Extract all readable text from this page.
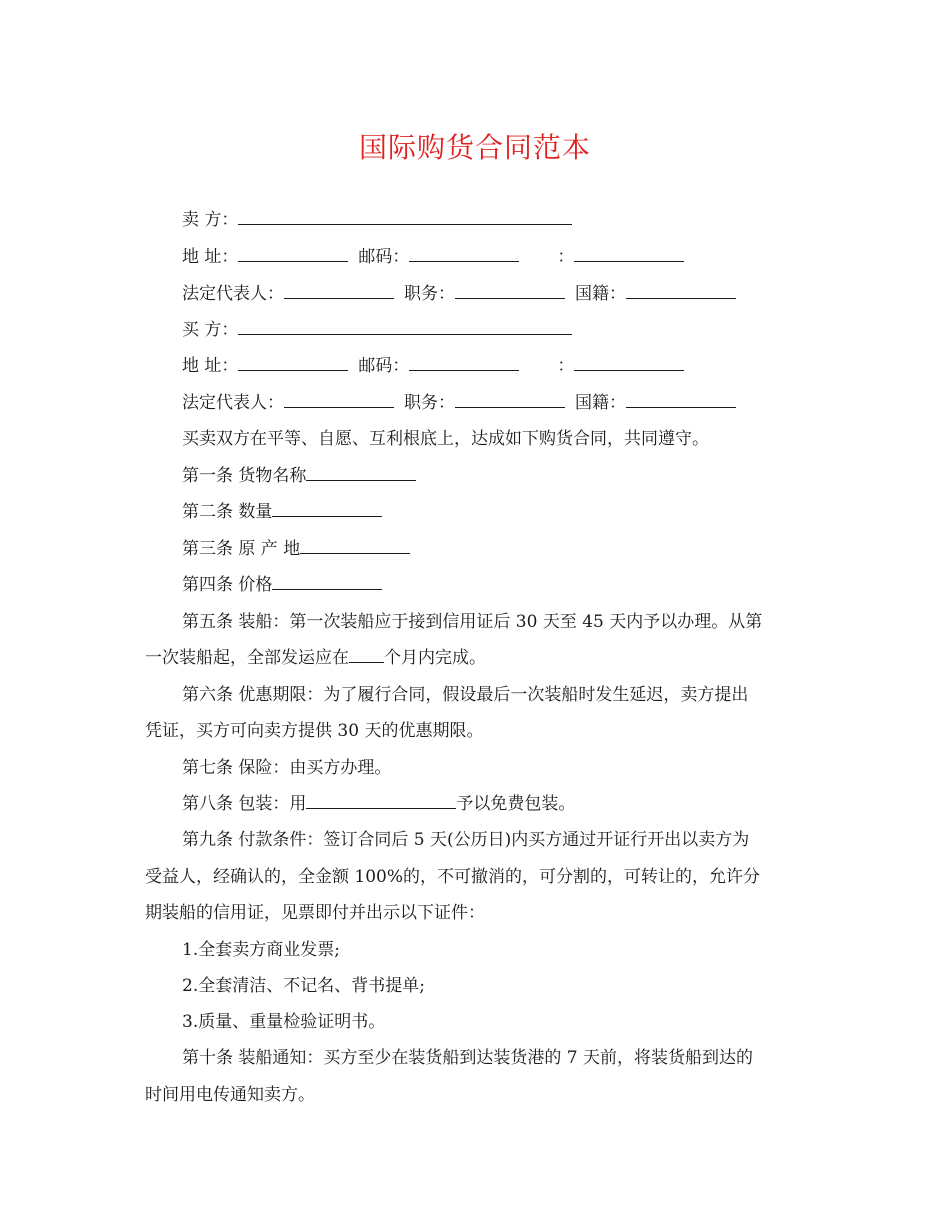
国际购货合同范本
卖 方：
地 址：	邮码：	：
法定代表人：	职务：	国籍：
买 方：
地 址：	邮码：	：
法定代表人：	职务：	国籍：
买卖双方在平等、自愿、互利根底上，达成如下购货合同，共同遵守。
第一条 货物名称
第二条 数量
第三条 原 产 地
第四条 价格
第五条 装船：第一次装船应于接到信用证后 30 天至 45 天内予以办理。从第
一次装船起，全部发运应在 个月内完成。
第六条 优惠期限：为了履行合同，假设最后一次装船时发生延迟，卖方提出
凭证，买方可向卖方提供 30 天的优惠期限。
第七条 保险：由买方办理。
第八条 包装：用	予以免费包装。
第九条 付款条件：签订合同后 5 天(公历日)内买方通过开证行开出以卖方为
受益人，经确认的，全金额 100%的，不可撤消的，可分割的，可转让的，允许分
期装船的信用证，见票即付并出示以下证件：
1.全套卖方商业发票;
2.全套清洁、不记名、背书提单;
3.质量、重量检验证明书。
第十条 装船通知：买方至少在装货船到达装货港的 7 天前，将装货船到达的
时间用电传通知卖方。
